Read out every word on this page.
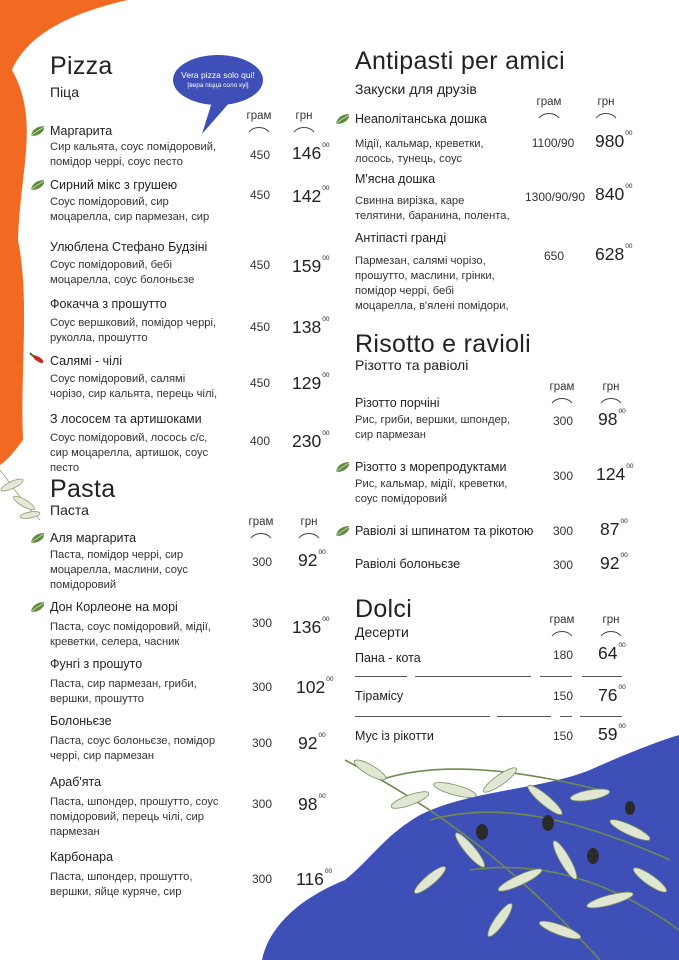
Vera pizza solo qui!
[вера піцца соло куі]
Pizza
Піца
грам	грн
Маргарита
Сир кальята, соус помідоровий,
помідор черрі, соус песто	450	$146^{00}$
Сирний мікс з грушею
Соус помідоровий, сир
моцарелла, сир пармезан, сир
450	$142^{00}$
Улюблена Стефано Будзіні
Соус помідоровий, бебі
моцарелла, соус болоньєзе
450	$159^{00}$
Фокачча з прошутто
Соус вершковий, помідор черрі,
руколла, прошутто
450	$138^{00}$
Салямі - чілі
Соус помідоровий, салямі
чорізо, сир кальята, перець чілі,
450	$129^{00}$
З лососем та артишоками
Соус помідоровий, лосось с/с,
сир моцарелла, артишок, соус
песто
400	$230^{00}$
Pasta
Паста
грам	грн
Аля маргарита
Паста, помідор черрі, сир
моцарелла, маслини, соус
помідоровий
300	$92^{00}$
Дон Корлеоне на морі
Паста, соус помідоровий, мідії,
креветки, селера, часник
300	$136^{00}$
Фунгі з прошуто
Паста, сир пармезан, гриби,
вершки, прошутто
300	$102^{00}$
Болоньєзе
Паста, соус болоньєзе, помідор
черрі, сир пармезан
300	$92^{00}$
Араб'ята
Паста, шпондер, прошутто, соус
помідоровий, перець чілі, сир
пармезан
300	$98^{00}$
Карбонара
Паста, шпондер, прошутто,
вершки, яйце куряче, сир
300	$116^{00}$
Antipasti per amici
Закуски для друзів
грам	грн
Неаполітанська дошка
Мідії, кальмар, креветки,
лосось, тунець, соус
1100/90	$980^{00}$
М'ясна дошка
Свинна вирізка, каре
телятини, баранина, полента,
1300/90/90 $840^{00}$
Антіпасті гранді
Пармезан, салямі чорізо,
прошутто, маслини, грінки,
помідор черрі, бебі
моцарелла, в'ялені помідори,
650	$628^{00}$
Risotto e ravioli
Різотто та равіолі
грам	грн
Різотто порчіні
Рис, гриби, вершки, шпондер,
сир пармезан
300	$98^{00}$
Різотто з морепродуктами
Рис, кальмар, мідії, креветки,
соус помідоровий
300	$124^{00}$
Равіолі зі шпинатом та рікотою	300	$87^{00}$
Равіолі болоньєзе	300	$92^{00}$
Dolci
Десерти
грам	грн
Пана - кота	180	$64^{00}$
Тірамісу	150	$76^{00}$
Мус із рікотти	150	$59^{00}$
